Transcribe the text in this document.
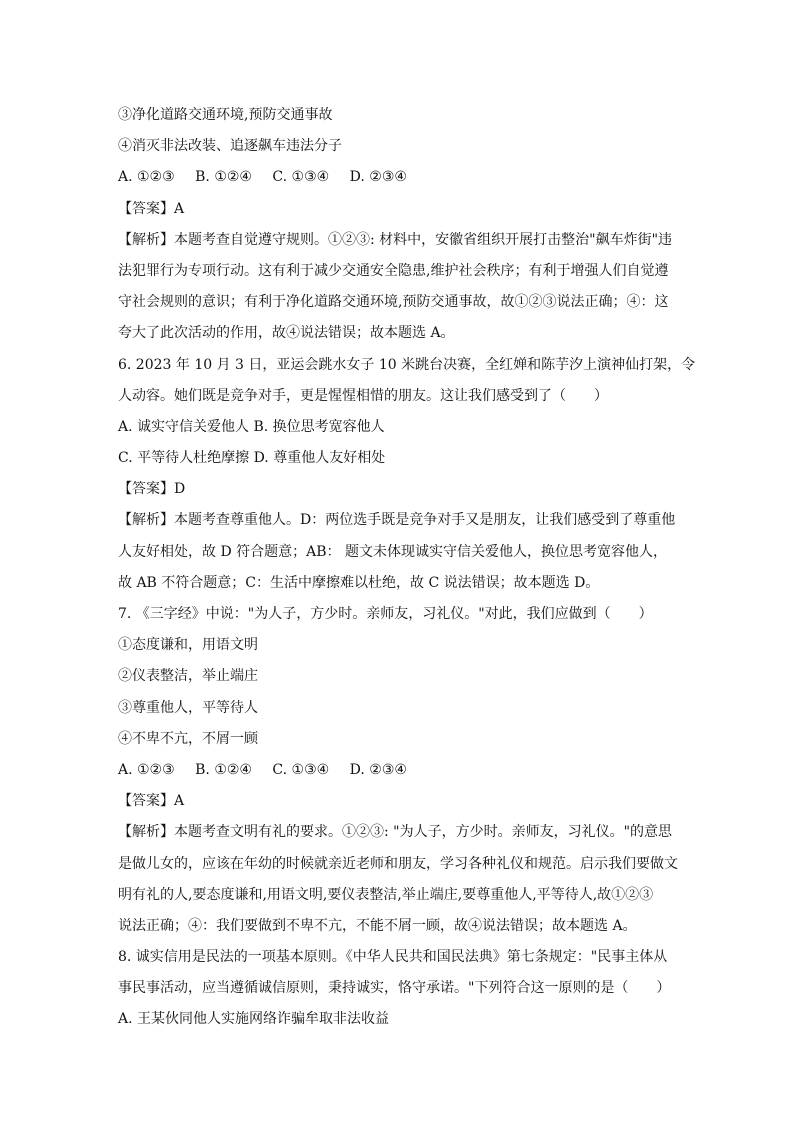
③净化道路交通环境,预防交通事故
④消灭非法改装、追逐飙车违法分子
A. ①②③ B. ①②④ C. ①③④ D. ②③④
【答案】A
【解析】本题考查自觉遵守规则。①②③: 材料中，安徽省组织开展打击整治"飙车炸街"违
法犯罪行为专项行动。这有利于减少交通安全隐患,维护社会秩序；有利于增强人们自觉遵
守社会规则的意识；有利于净化道路交通环境,预防交通事故，故①②③说法正确；④：这
夸大了此次活动的作用，故④说法错误；故本题选 A。
6. 2023 年 10 月 3 日，亚运会跳水女子 10 米跳台决赛，全红婵和陈芋汐上演神仙打架，令
人动容。她们既是竞争对手，更是惺惺相惜的朋友。这让我们感受到了（　　）
A. 诚实守信关爱他人 B. 换位思考宽容他人
C. 平等待人杜绝摩擦 D. 尊重他人友好相处
【答案】D
【解析】本题考查尊重他人。D：两位选手既是竞争对手又是朋友，让我们感受到了尊重他
人友好相处，故 D 符合题意；AB： 题文未体现诚实守信关爱他人，换位思考宽容他人，
故 AB 不符合题意；C：生活中摩擦难以杜绝，故 C 说法错误；故本题选 D。
7. 《三字经》中说："为人子，方少时。亲师友，习礼仪。"对此，我们应做到（　　）
①态度谦和，用语文明
②仪表整洁，举止端庄
③尊重他人，平等待人
④不卑不亢，不屑一顾
A. ①②③ B. ①②④ C. ①③④ D. ②③④
【答案】A
【解析】本题考查文明有礼的要求。①②③: "为人子，方少时。亲师友，习礼仪。"的意思
是做儿女的，应该在年幼的时候就亲近老师和朋友，学习各种礼仪和规范。启示我们要做文
明有礼的人,要态度谦和,用语文明,要仪表整洁,举止端庄,要尊重他人,平等待人,故①②③
说法正确；④：我们要做到不卑不亢，不能不屑一顾，故④说法错误；故本题选 A。
8. 诚实信用是民法的一项基本原则。《中华人民共和国民法典》第七条规定："民事主体从
事民事活动，应当遵循诚信原则，秉持诚实，恪守承诺。"下列符合这一原则的是（　　）
A. 王某伙同他人实施网络诈骗牟取非法收益
